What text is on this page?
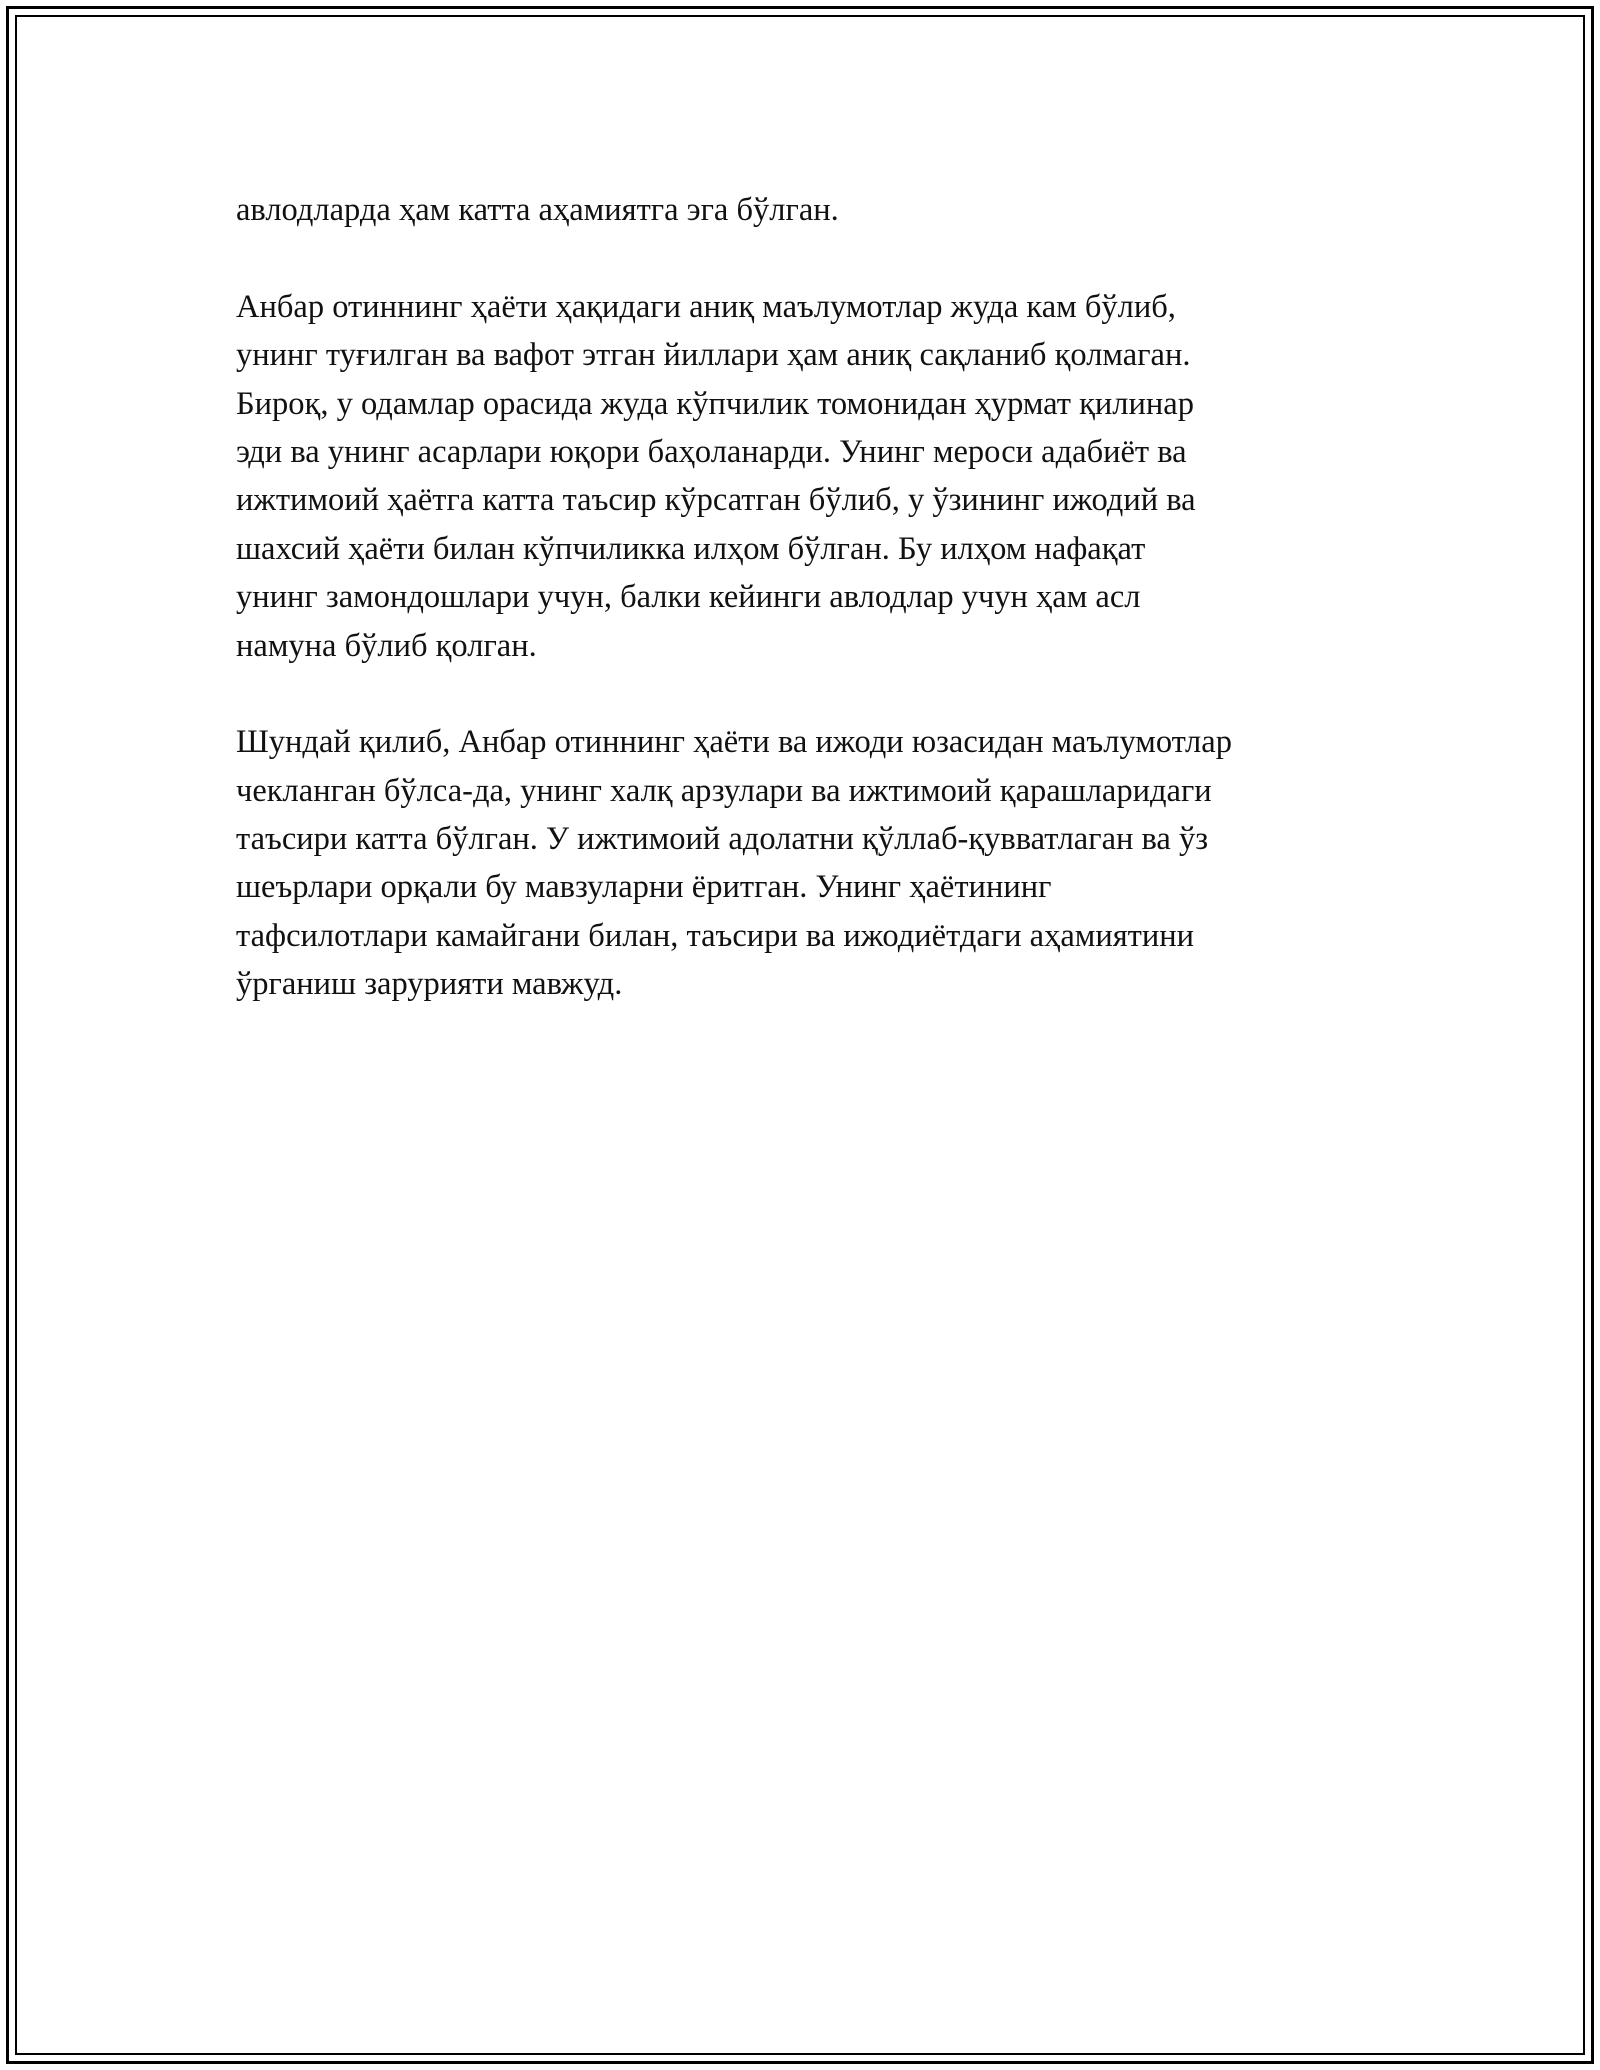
авлодларда ҳам катта аҳамиятга эга бўлган.
Анбар отиннинг ҳаёти ҳақидаги аниқ маълумотлар жуда кам бўлиб,
унинг туғилган ва вафот этган йиллари ҳам аниқ сақланиб қолмаган.
Бироқ, у одамлар орасида жуда кўпчилик томонидан ҳурмат қилинар
эди ва унинг асарлари юқори баҳоланарди. Унинг мероси адабиёт ва
ижтимоий ҳаётга катта таъсир кўрсатган бўлиб, у ўзининг ижодий ва
шахсий ҳаёти билан кўпчиликка илҳом бўлган. Бу илҳом нафақат
унинг замондошлари учун, балки кейинги авлодлар учун ҳам асл
намуна бўлиб қолган.
Шундай қилиб, Анбар отиннинг ҳаёти ва ижоди юзасидан маълумотлар
чекланган бўлса-да, унинг халқ арзулари ва ижтимоий қарашларидаги
таъсири катта бўлган. У ижтимоий адолатни қўллаб-қувватлаган ва ўз
шеърлари орқали бу мавзуларни ёритган. Унинг ҳаётининг
тафсилотлари камайгани билан, таъсири ва ижодиётдаги аҳамиятини
ўрганиш зарурияти мавжуд.
